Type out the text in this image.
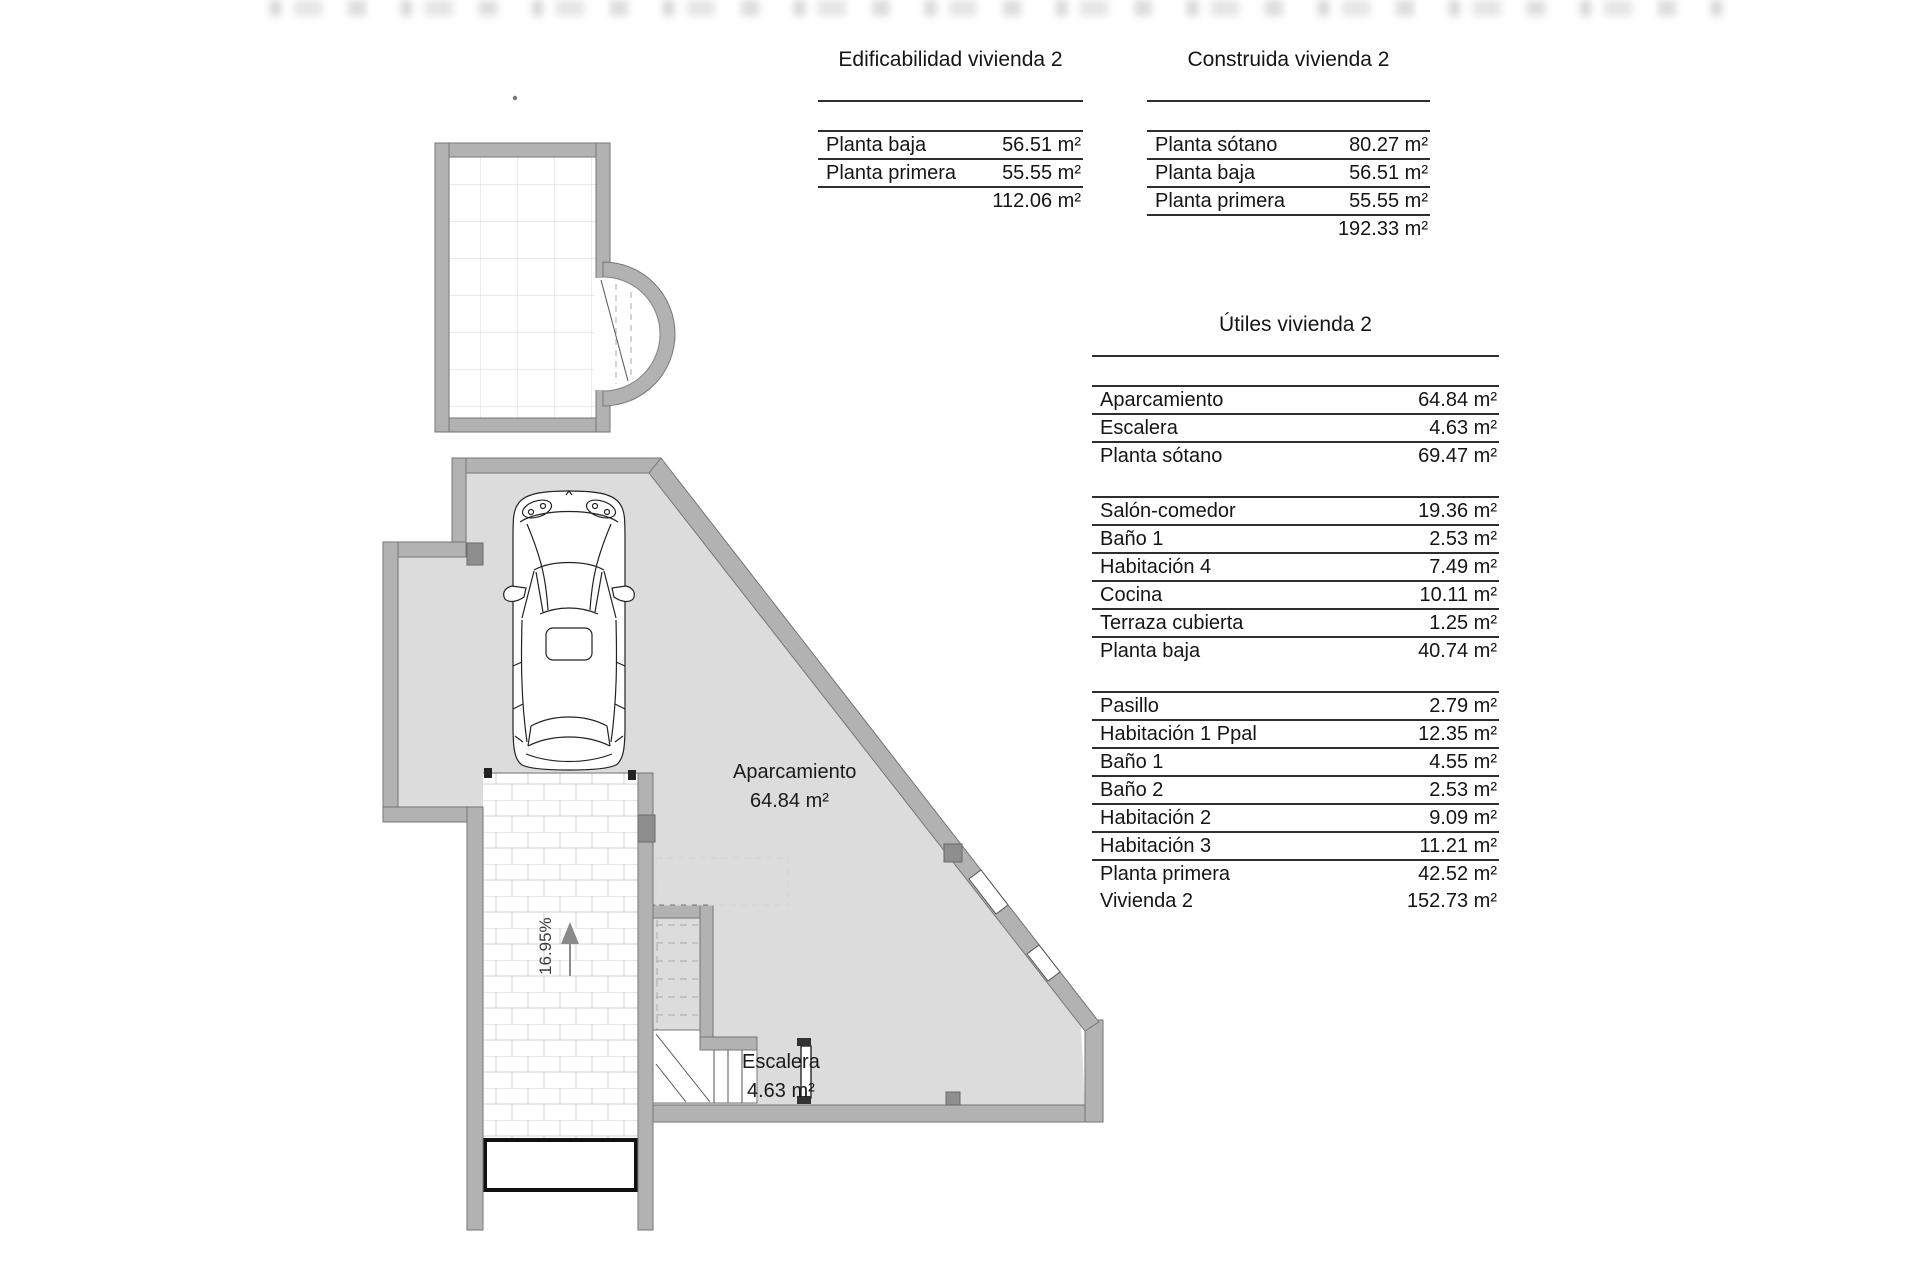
Aparcamiento
64.84 m²
Escalera
4.63 m²
16.95%
Edificabilidad vivienda 2
Planta baja	56.51 m²
Planta primera 55.55 m²
112.06 m²
Construida vivienda 2
Planta sótano	80.27 m²
Planta baja	56.51 m²
Planta primera	55.55 m²
192.33 m²
Útiles vivienda 2
Aparcamiento	64.84 m²
Escalera	4.63 m²
Planta sótano	69.47 m²
Salón-comedor	19.36 m²
Baño 1	2.53 m²
Habitación 4	7.49 m²
Cocina	10.11 m²
Terraza cubierta	1.25 m²
Planta baja	40.74 m²
Pasillo	2.79 m²
Habitación 1 Ppal	12.35 m²
Baño 1	4.55 m²
Baño 2	2.53 m²
Habitación 2	9.09 m²
Habitación 3	11.21 m²
Planta primera	42.52 m²
Vivienda 2	152.73 m²
